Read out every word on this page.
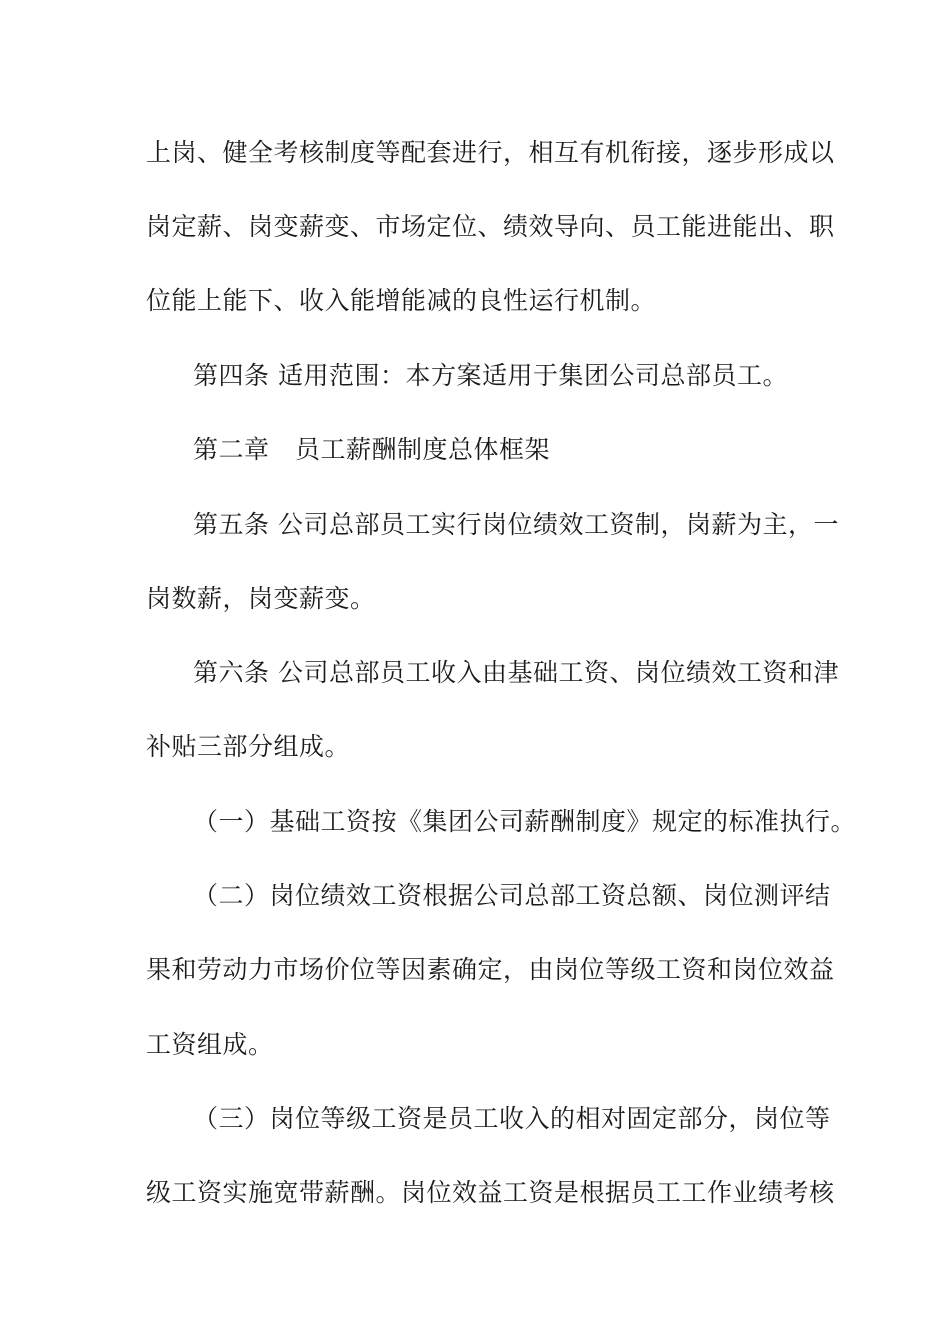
上岗、健全考核制度等配套进行，相互有机衔接，逐步形成以
岗定薪、岗变薪变、市场定位、绩效导向、员工能进能出、职
位能上能下、收入能增能减的良性运行机制。
第四条 适用范围：本方案适用于集团公司总部员工。
第二章　员工薪酬制度总体框架
第五条 公司总部员工实行岗位绩效工资制，岗薪为主，一
岗数薪，岗变薪变。
第六条 公司总部员工收入由基础工资、岗位绩效工资和津
补贴三部分组成。
（一）基础工资按《集团公司薪酬制度》规定的标准执行。
（二）岗位绩效工资根据公司总部工资总额、岗位测评结
果和劳动力市场价位等因素确定，由岗位等级工资和岗位效益
工资组成。
（三）岗位等级工资是员工收入的相对固定部分，岗位等
级工资实施宽带薪酬。岗位效益工资是根据员工工作业绩考核
